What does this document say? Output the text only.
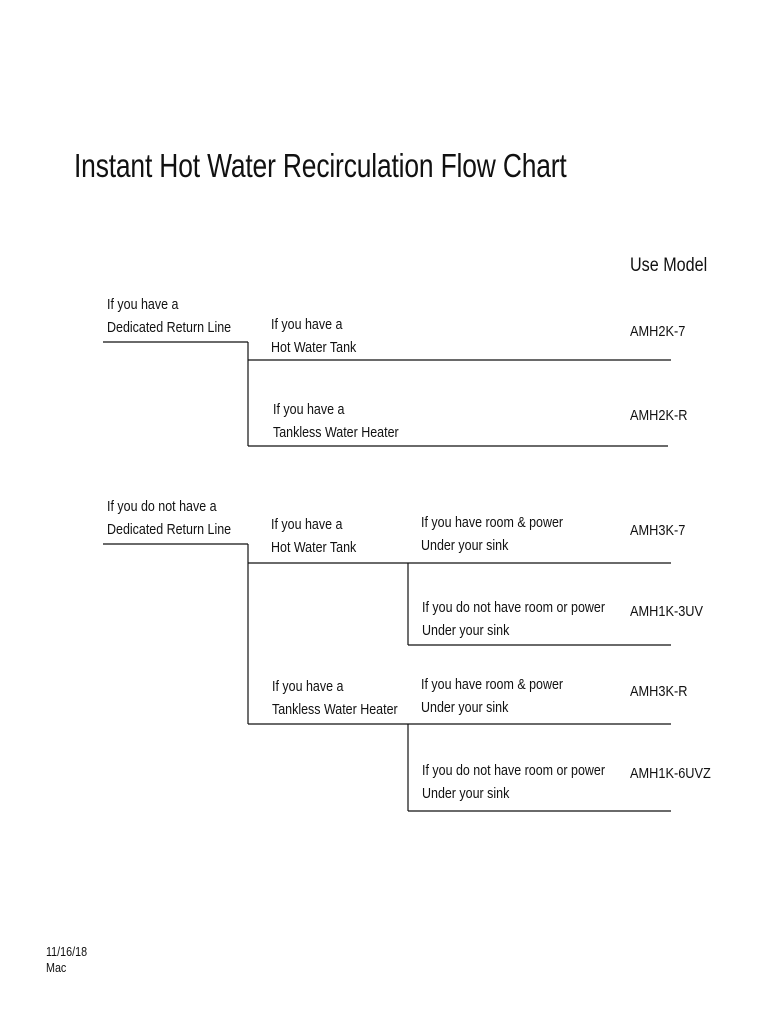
Instant Hot Water Recirculation Flow Chart
Use Model
If you have a
Dedicated Return Line	If you have a
Hot Water Tank
AMH2K-7
If you have a
Tankless Water Heater
AMH2K-R
If you do not have a
Dedicated Return Line	If you have a
Hot Water Tank
If you have room & power
Under your sink
AMH3K-7
If you do not have room or power
Under your sink
AMH1K-3UV
If you have a
Tankless Water Heater
If you have room & power
Under your sink
AMH3K-R
If you do not have room or power
Under your sink
AMH1K-6UVZ
11/16/18
Mac
